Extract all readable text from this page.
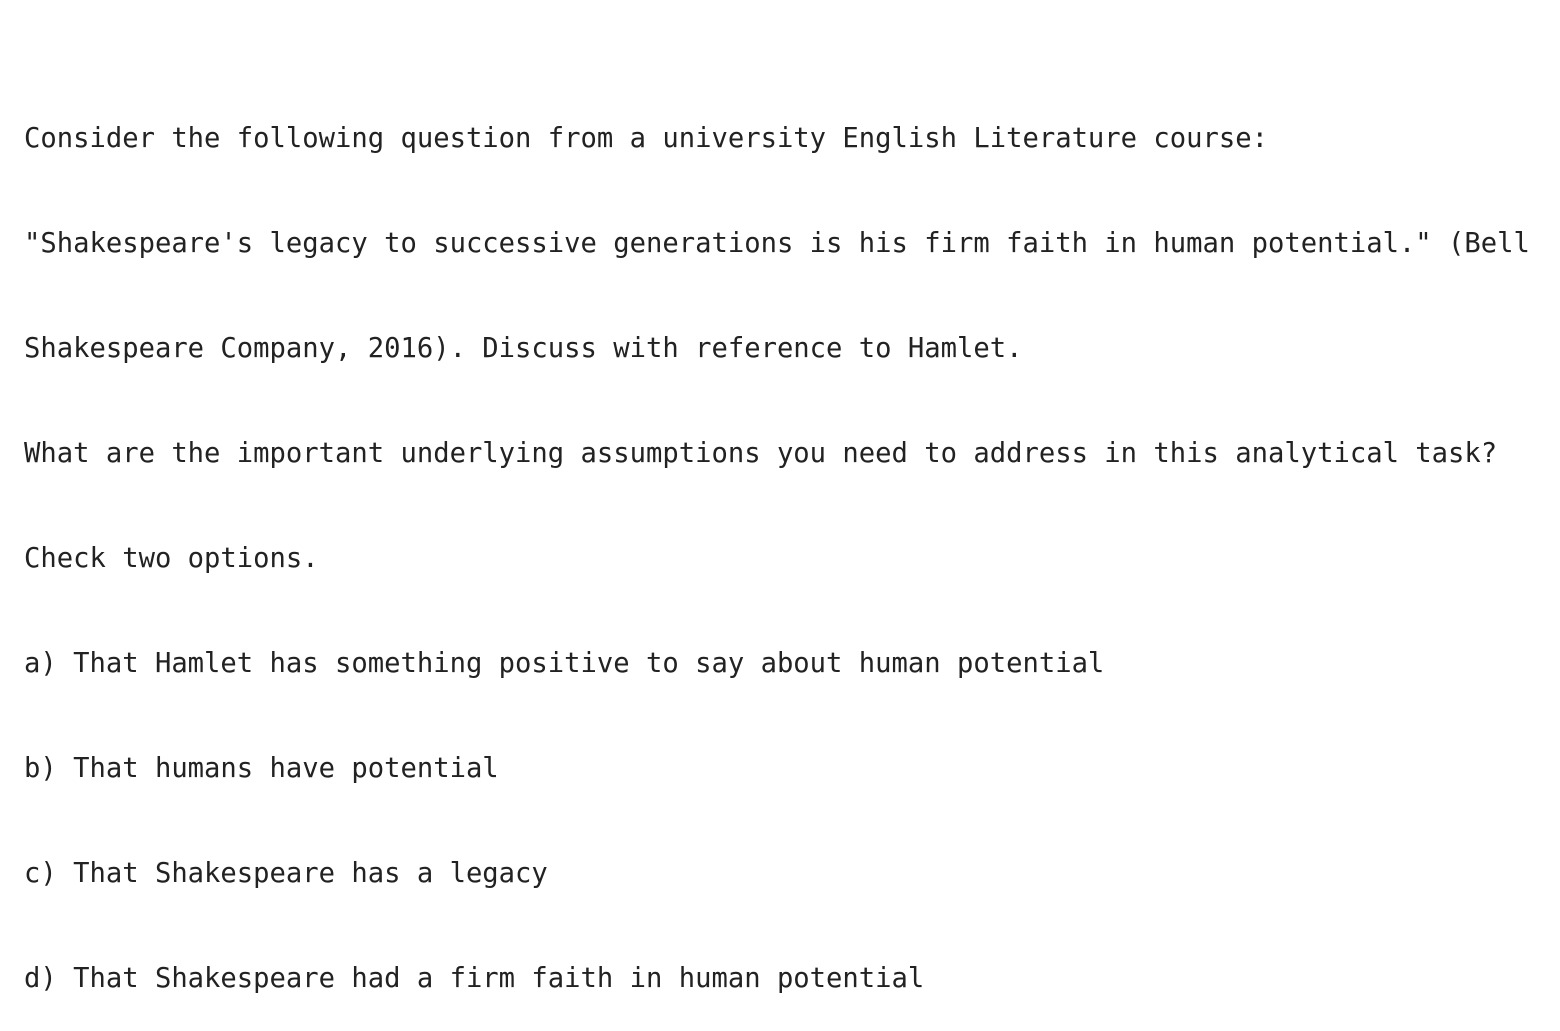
Consider the following question from a university English Literature course:

"Shakespeare's legacy to successive generations is his firm faith in human potential." (Bell

Shakespeare Company, 2016). Discuss with reference to Hamlet.

What are the important underlying assumptions you need to address in this analytical task?

Check two options.

a) That Hamlet has something positive to say about human potential

b) That humans have potential

c) That Shakespeare has a legacy

d) That Shakespeare had a firm faith in human potential
